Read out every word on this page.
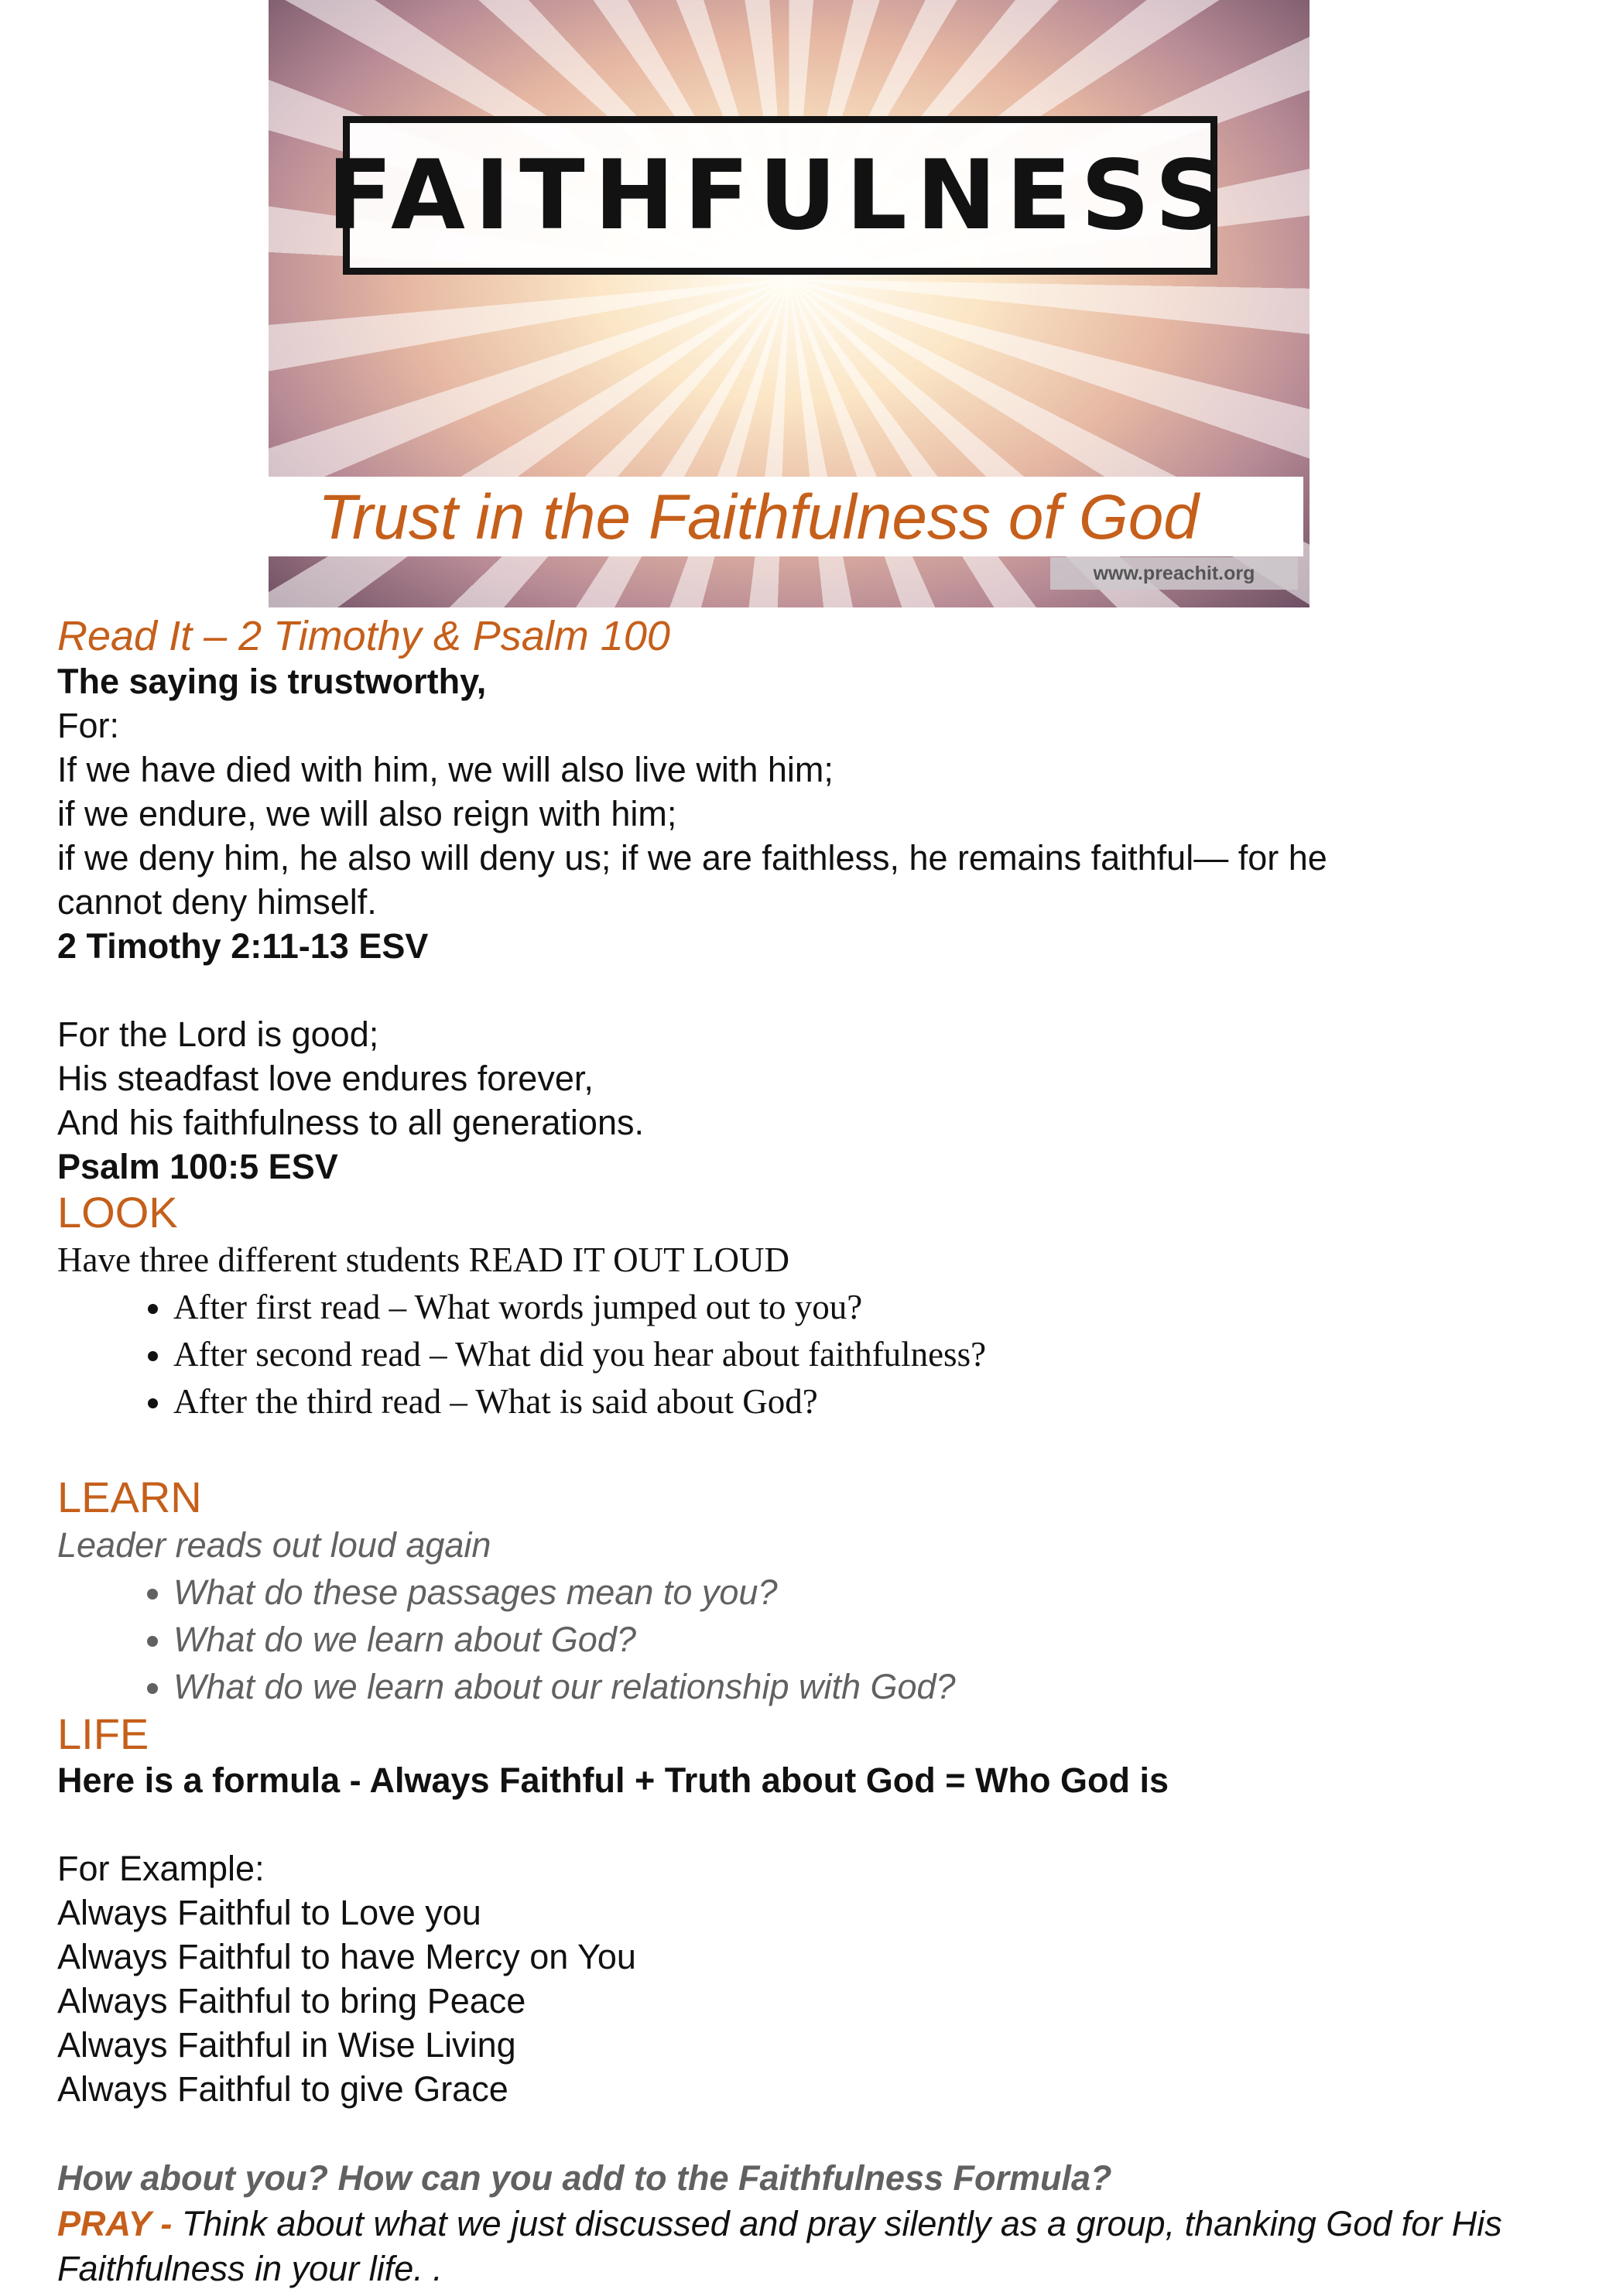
FAITHFULNESS
Trust in the Faithfulness of God
www.preachit.org
Read It – 2 Timothy & Psalm 100
The saying is trustworthy,
For:
If we have died with him, we will also live with him;
if we endure, we will also reign with him;
if we deny him, he also will deny us; if we are faithless, he remains faithful— for he
cannot deny himself.
2 Timothy 2:11-13 ESV
For the Lord is good;
His steadfast love endures forever,
And his faithfulness to all generations.
Psalm 100:5 ESV
LOOK
Have three different students READ IT OUT LOUD
• After first read – What words jumped out to you?
• After second read – What did you hear about faithfulness?
• After the third read – What is said about God?
LEARN
Leader reads out loud again
• What do these passages mean to you?
• What do we learn about God?
• What do we learn about our relationship with God?
LIFE
Here is a formula - Always Faithful + Truth about God = Who God is
For Example:
Always Faithful to Love you
Always Faithful to have Mercy on You
Always Faithful to bring Peace
Always Faithful in Wise Living
Always Faithful to give Grace
How about you? How can you add to the Faithfulness Formula?
PRAY - Think about what we just discussed and pray silently as a group, thanking God for His Faithfulness in your life. .
